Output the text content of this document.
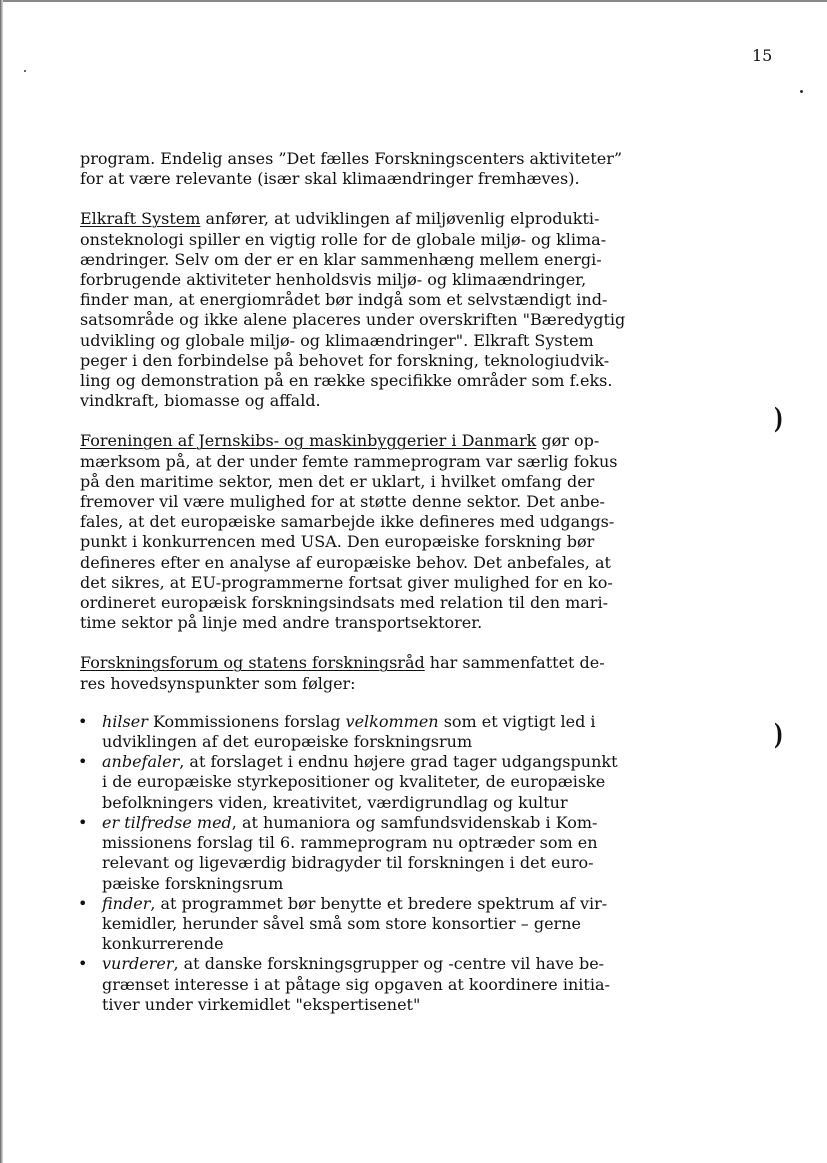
15
)
)

program. Endelig anses ”Det fælles Forskningscenters aktiviteter”
for at være relevante (især skal klimaændringer fremhæves).

Elkraft System anfører, at udviklingen af miljøvenlig elprodukti-
onsteknologi spiller en vigtig rolle for de globale miljø- og klima-
ændringer. Selv om der er en klar sammenhæng mellem energi-
forbrugende aktiviteter henholdsvis miljø- og klimaændringer,
finder man, at energiområdet bør indgå som et selvstændigt ind-
satsområde og ikke alene placeres under overskriften "Bæredygtig
udvikling og globale miljø- og klimaændringer". Elkraft System
peger i den forbindelse på behovet for forskning, teknologiudvik-
ling og demonstration på en række specifikke områder som f.eks.
vindkraft, biomasse og affald.

Foreningen af Jernskibs- og maskinbyggerier i Danmark gør op-
mærksom på, at der under femte rammeprogram var særlig fokus
på den maritime sektor, men det er uklart, i hvilket omfang der
fremover vil være mulighed for at støtte denne sektor. Det anbe-
fales, at det europæiske samarbejde ikke defineres med udgangs-
punkt i konkurrencen med USA. Den europæiske forskning bør
defineres efter en analyse af europæiske behov. Det anbefales, at
det sikres, at EU-programmerne fortsat giver mulighed for en ko-
ordineret europæisk forskningsindsats med relation til den mari-
time sektor på linje med andre transportsektorer.

Forskningsforum og statens forskningsråd har sammenfattet de-
res hovedsynspunkter som følger:

• hilser Kommissionens forslag velkommen som et vigtigt led i
udviklingen af det europæiske forskningsrum
• anbefaler, at forslaget i endnu højere grad tager udgangspunkt
i de europæiske styrkepositioner og kvaliteter, de europæiske
befolkningers viden, kreativitet, værdigrundlag og kultur
• er tilfredse med, at humaniora og samfundsvidenskab i Kom-
missionens forslag til 6. rammeprogram nu optræder som en
relevant og ligeværdig bidragyder til forskningen i det euro-
pæiske forskningsrum
• finder, at programmet bør benytte et bredere spektrum af vir-
kemidler, herunder såvel små som store konsortier – gerne
konkurrerende
• vurderer, at danske forskningsgrupper og -centre vil have be-
grænset interesse i at påtage sig opgaven at koordinere initia-
tiver under virkemidlet "ekspertisenet"
